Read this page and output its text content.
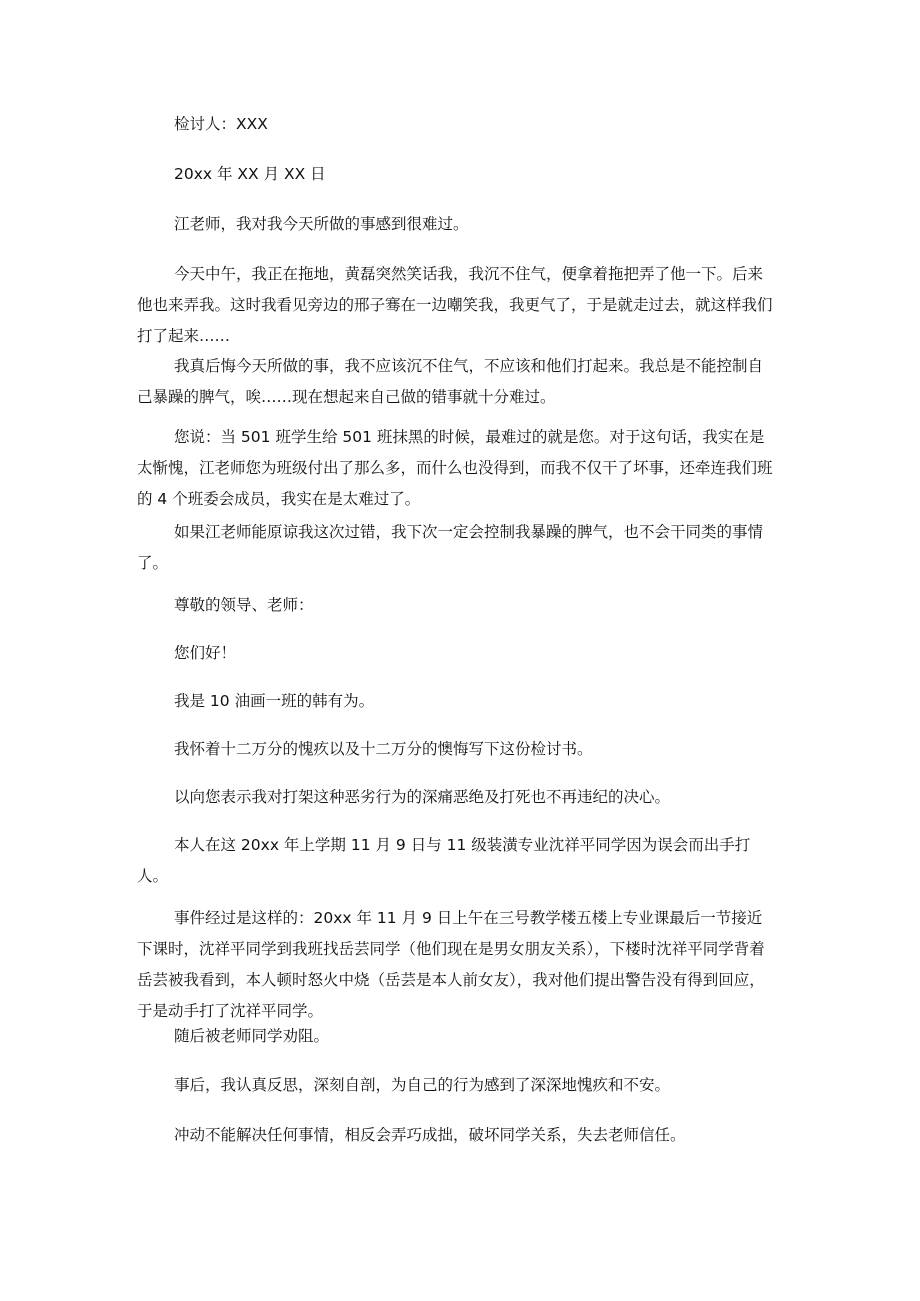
检讨人：XXX

20xx 年 XX 月 XX 日

江老师，我对我今天所做的事感到很难过。

今天中午，我正在拖地，黄磊突然笑话我，我沉不住气，便拿着拖把弄了他一下。后来他也来弄我。这时我看见旁边的邢子骞在一边嘲笑我，我更气了，于是就走过去，就这样我们打了起来……

我真后悔今天所做的事，我不应该沉不住气，不应该和他们打起来。我总是不能控制自己暴躁的脾气，唉……现在想起来自己做的错事就十分难过。

您说：当 501 班学生给 501 班抹黑的时候，最难过的就是您。对于这句话，我实在是太惭愧，江老师您为班级付出了那么多，而什么也没得到，而我不仅干了坏事，还牵连我们班的 4 个班委会成员，我实在是太难过了。

如果江老师能原谅我这次过错，我下次一定会控制我暴躁的脾气，也不会干同类的事情了。

尊敬的领导、老师：

您们好！

我是 10 油画一班的韩有为。

我怀着十二万分的愧疚以及十二万分的懊悔写下这份检讨书。

以向您表示我对打架这种恶劣行为的深痛恶绝及打死也不再违纪的决心。

本人在这 20xx 年上学期 11 月 9 日与 11 级装潢专业沈祥平同学因为误会而出手打人。

事件经过是这样的：20xx 年 11 月 9 日上午在三号教学楼五楼上专业课最后一节接近下课时，沈祥平同学到我班找岳芸同学（他们现在是男女朋友关系），下楼时沈祥平同学背着岳芸被我看到，本人顿时怒火中烧（岳芸是本人前女友），我对他们提出警告没有得到回应，于是动手打了沈祥平同学。

随后被老师同学劝阻。

事后，我认真反思，深刻自剖，为自己的行为感到了深深地愧疚和不安。

冲动不能解决任何事情，相反会弄巧成拙，破坏同学关系，失去老师信任。
